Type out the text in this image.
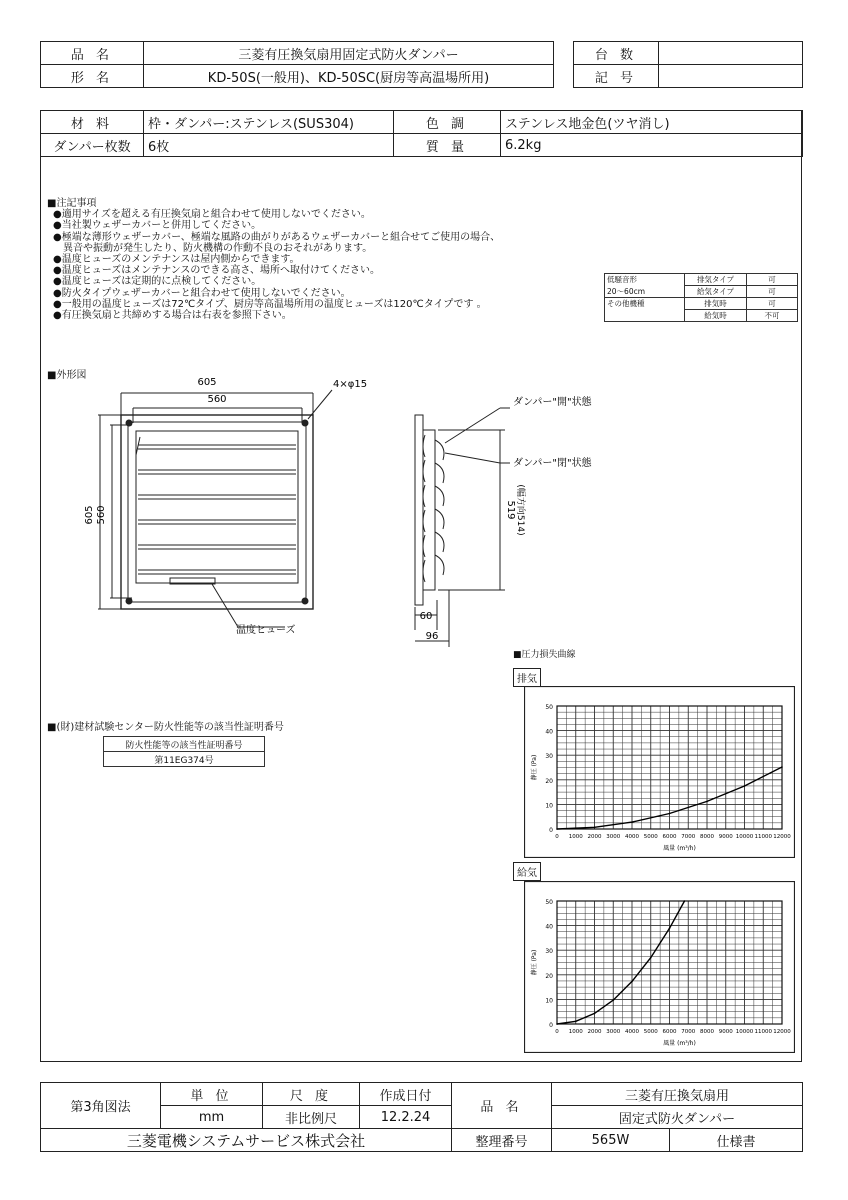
品 名	三菱有圧換気扇用固定式防火ダンパー
形 名	KD-50S(一般用)、KD-50SC(厨房等高温場所用)
台 数	
記 号	
材 料	枠・ダンパー:ステンレス(SUS304)	色 調	ステンレス地金色(ツヤ消し)
ダンパー枚数	6枚	質 量	6.2kg
■注記事項
●適用サイズを超える有圧換気扇と組合わせて使用しないでください。
●当社製ウェザーカバーと併用してください。
●極端な薄形ウェザーカバー、極端な風路の曲がりがあるウェザーカバーと組合せてご使用の場合、
　異音や振動が発生したり、防火機構の作動不良のおそれがあります。
●温度ヒューズのメンテナンスは屋内側からできます。
●温度ヒューズはメンテナンスのできる高さ、場所へ取付けてください。
●温度ヒューズは定期的に点検してください。
●防火タイプウェザーカバーと組合わせて使用しないでください。
●一般用の温度ヒューズは72℃タイプ、厨房等高温場所用の温度ヒューズは120℃タイプです 。
●有圧換気扇と共締めする場合は右表を参照下さい。
低騒音形	排気タイプ	可
20～60cm	給気タイプ	可
その他機種	排気時	可
	給気時	不可
■外形図
605
560
4×φ15
605 560
温度ヒューズ
ダンパー"開"状態
ダンパー"閉"状態
519 (幅方向514)
60
96
■(財)建材試験センター防火性能等の該当性証明番号
防火性能等の該当性証明番号
第11EG374号
■圧力損失曲線
排気
給気
0
10
20
30
40
50
0 1000 2000 3000 4000 5000 6000 7000 8000 9000 10000 11000 12000
静圧 (Pa)
風量 (m³/h)
0
10
20
30
40
50
0 1000 2000 3000 4000 5000 6000 7000 8000 9000 10000 11000 12000
静圧 (Pa)
風量 (m³/h)
第3角図法	単 位	尺 度	作成日付	品 名	三菱有圧換気扇用	
	mm	非比例尺	12.2.24		固定式防火ダンパー	
三菱電機システムサービス株式会社				整理番号	565W	仕様書
